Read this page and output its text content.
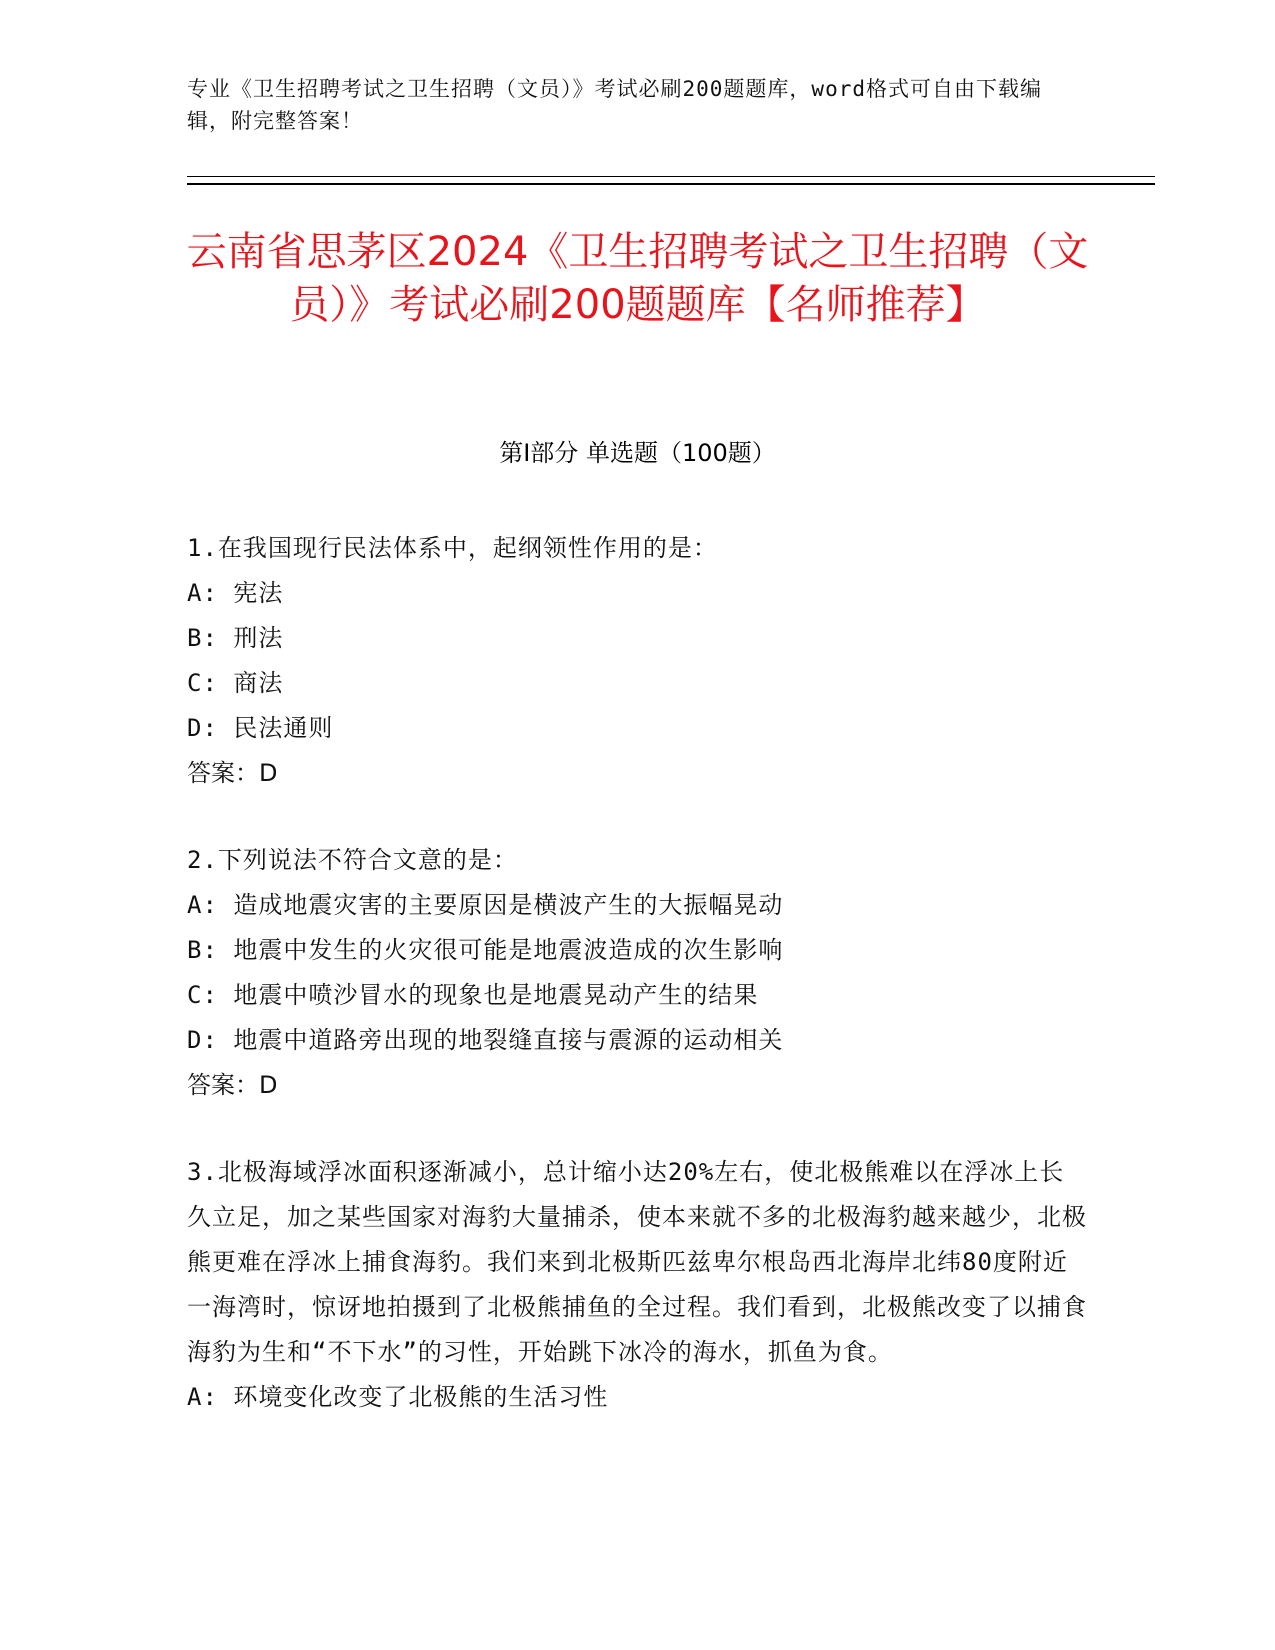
专业《卫生招聘考试之卫生招聘（文员）》考试必刷200题题库，word格式可自由下载编辑，附完整答案！
云南省思茅区2024《卫生招聘考试之卫生招聘（文员）》考试必刷200题题库【名师推荐】
第I部分 单选题（100题）
1.在我国现行民法体系中，起纲领性作用的是：
A: 宪法
B: 刑法
C: 商法
D: 民法通则
答案：D
2.下列说法不符合文意的是：
A: 造成地震灾害的主要原因是横波产生的大振幅晃动
B: 地震中发生的火灾很可能是地震波造成的次生影响
C: 地震中喷沙冒水的现象也是地震晃动产生的结果
D: 地震中道路旁出现的地裂缝直接与震源的运动相关
答案：D
3.北极海域浮冰面积逐渐减小，总计缩小达20%左右，使北极熊难以在浮冰上长久立足，加之某些国家对海豹大量捕杀，使本来就不多的北极海豹越来越少，北极熊更难在浮冰上捕食海豹。我们来到北极斯匹兹卑尔根岛西北海岸北纬80度附近一海湾时，惊讶地拍摄到了北极熊捕鱼的全过程。我们看到，北极熊改变了以捕食海豹为生和“不下水”的习性，开始跳下冰冷的海水，抓鱼为食。
A: 环境变化改变了北极熊的生活习性
